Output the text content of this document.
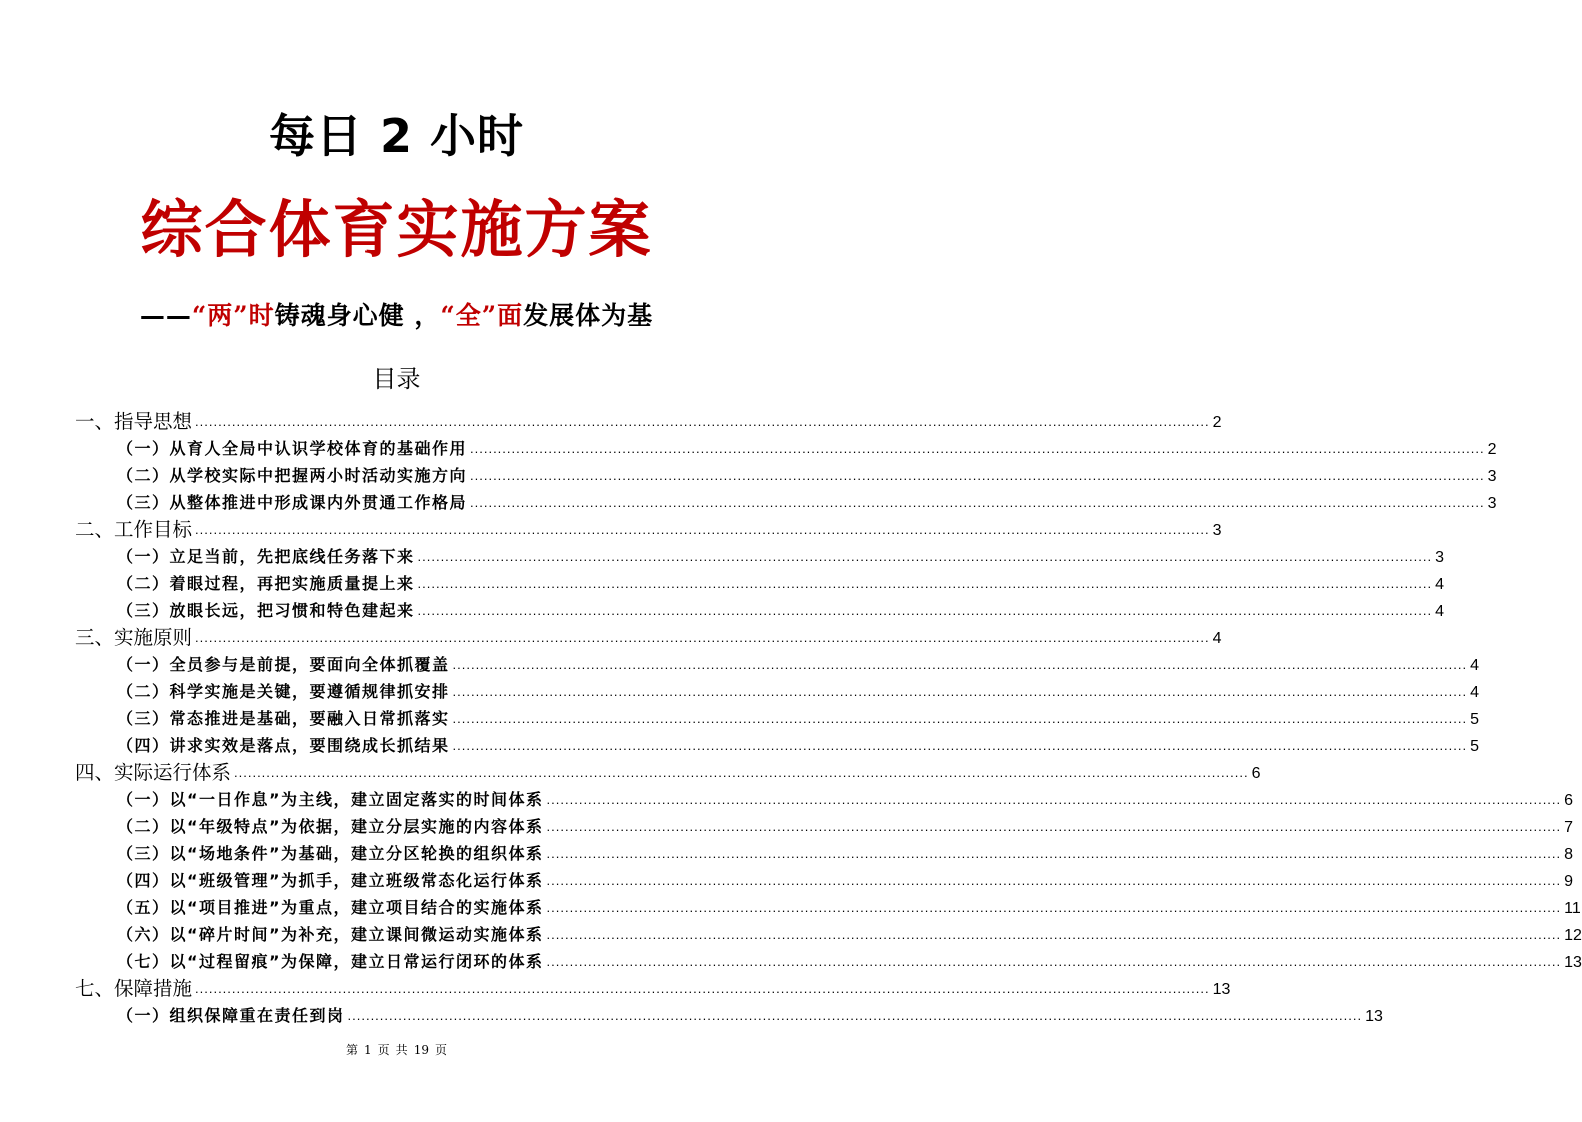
每日 2 小时
综合体育实施方案
——“两”时铸魂身心健 ，“全”面发展体为基
目录
一、指导思想 ............................................................................................................................................................................................................................ 2
（一）从育人全局中认识学校体育的基础作用 ............................................................................................................................................................................................................................ 2
（二）从学校实际中把握两小时活动实施方向 ............................................................................................................................................................................................................................ 3
（三）从整体推进中形成课内外贯通工作格局 ............................................................................................................................................................................................................................ 3
二、工作目标 ............................................................................................................................................................................................................................ 3
（一）立足当前，先把底线任务落下来 ............................................................................................................................................................................................................................ 3
（二）着眼过程，再把实施质量提上来 ............................................................................................................................................................................................................................ 4
（三）放眼长远，把习惯和特色建起来 ............................................................................................................................................................................................................................ 4
三、实施原则 ............................................................................................................................................................................................................................ 4
（一）全员参与是前提，要面向全体抓覆盖 ............................................................................................................................................................................................................................ 4
（二）科学实施是关键，要遵循规律抓安排 ............................................................................................................................................................................................................................ 4
（三）常态推进是基础，要融入日常抓落实 ............................................................................................................................................................................................................................ 5
（四）讲求实效是落点，要围绕成长抓结果 ............................................................................................................................................................................................................................ 5
四、实际运行体系 ............................................................................................................................................................................................................................ 6
（一）以“一日作息”为主线，建立固定落实的时间体系 ............................................................................................................................................................................................................................ 6
（二）以“年级特点”为依据，建立分层实施的内容体系 ............................................................................................................................................................................................................................ 7
（三）以“场地条件”为基础，建立分区轮换的组织体系 ............................................................................................................................................................................................................................ 8
（四）以“班级管理”为抓手，建立班级常态化运行体系 ............................................................................................................................................................................................................................ 9
（五）以“项目推进”为重点，建立项目结合的实施体系 ............................................................................................................................................................................................................................ 11
（六）以“碎片时间”为补充，建立课间微运动实施体系 ............................................................................................................................................................................................................................ 12
（七）以“过程留痕”为保障，建立日常运行闭环的体系 ............................................................................................................................................................................................................................ 13
七、保障措施 ............................................................................................................................................................................................................................ 13
（一）组织保障重在责任到岗 ............................................................................................................................................................................................................................ 13
第 1 页 共 19 页
